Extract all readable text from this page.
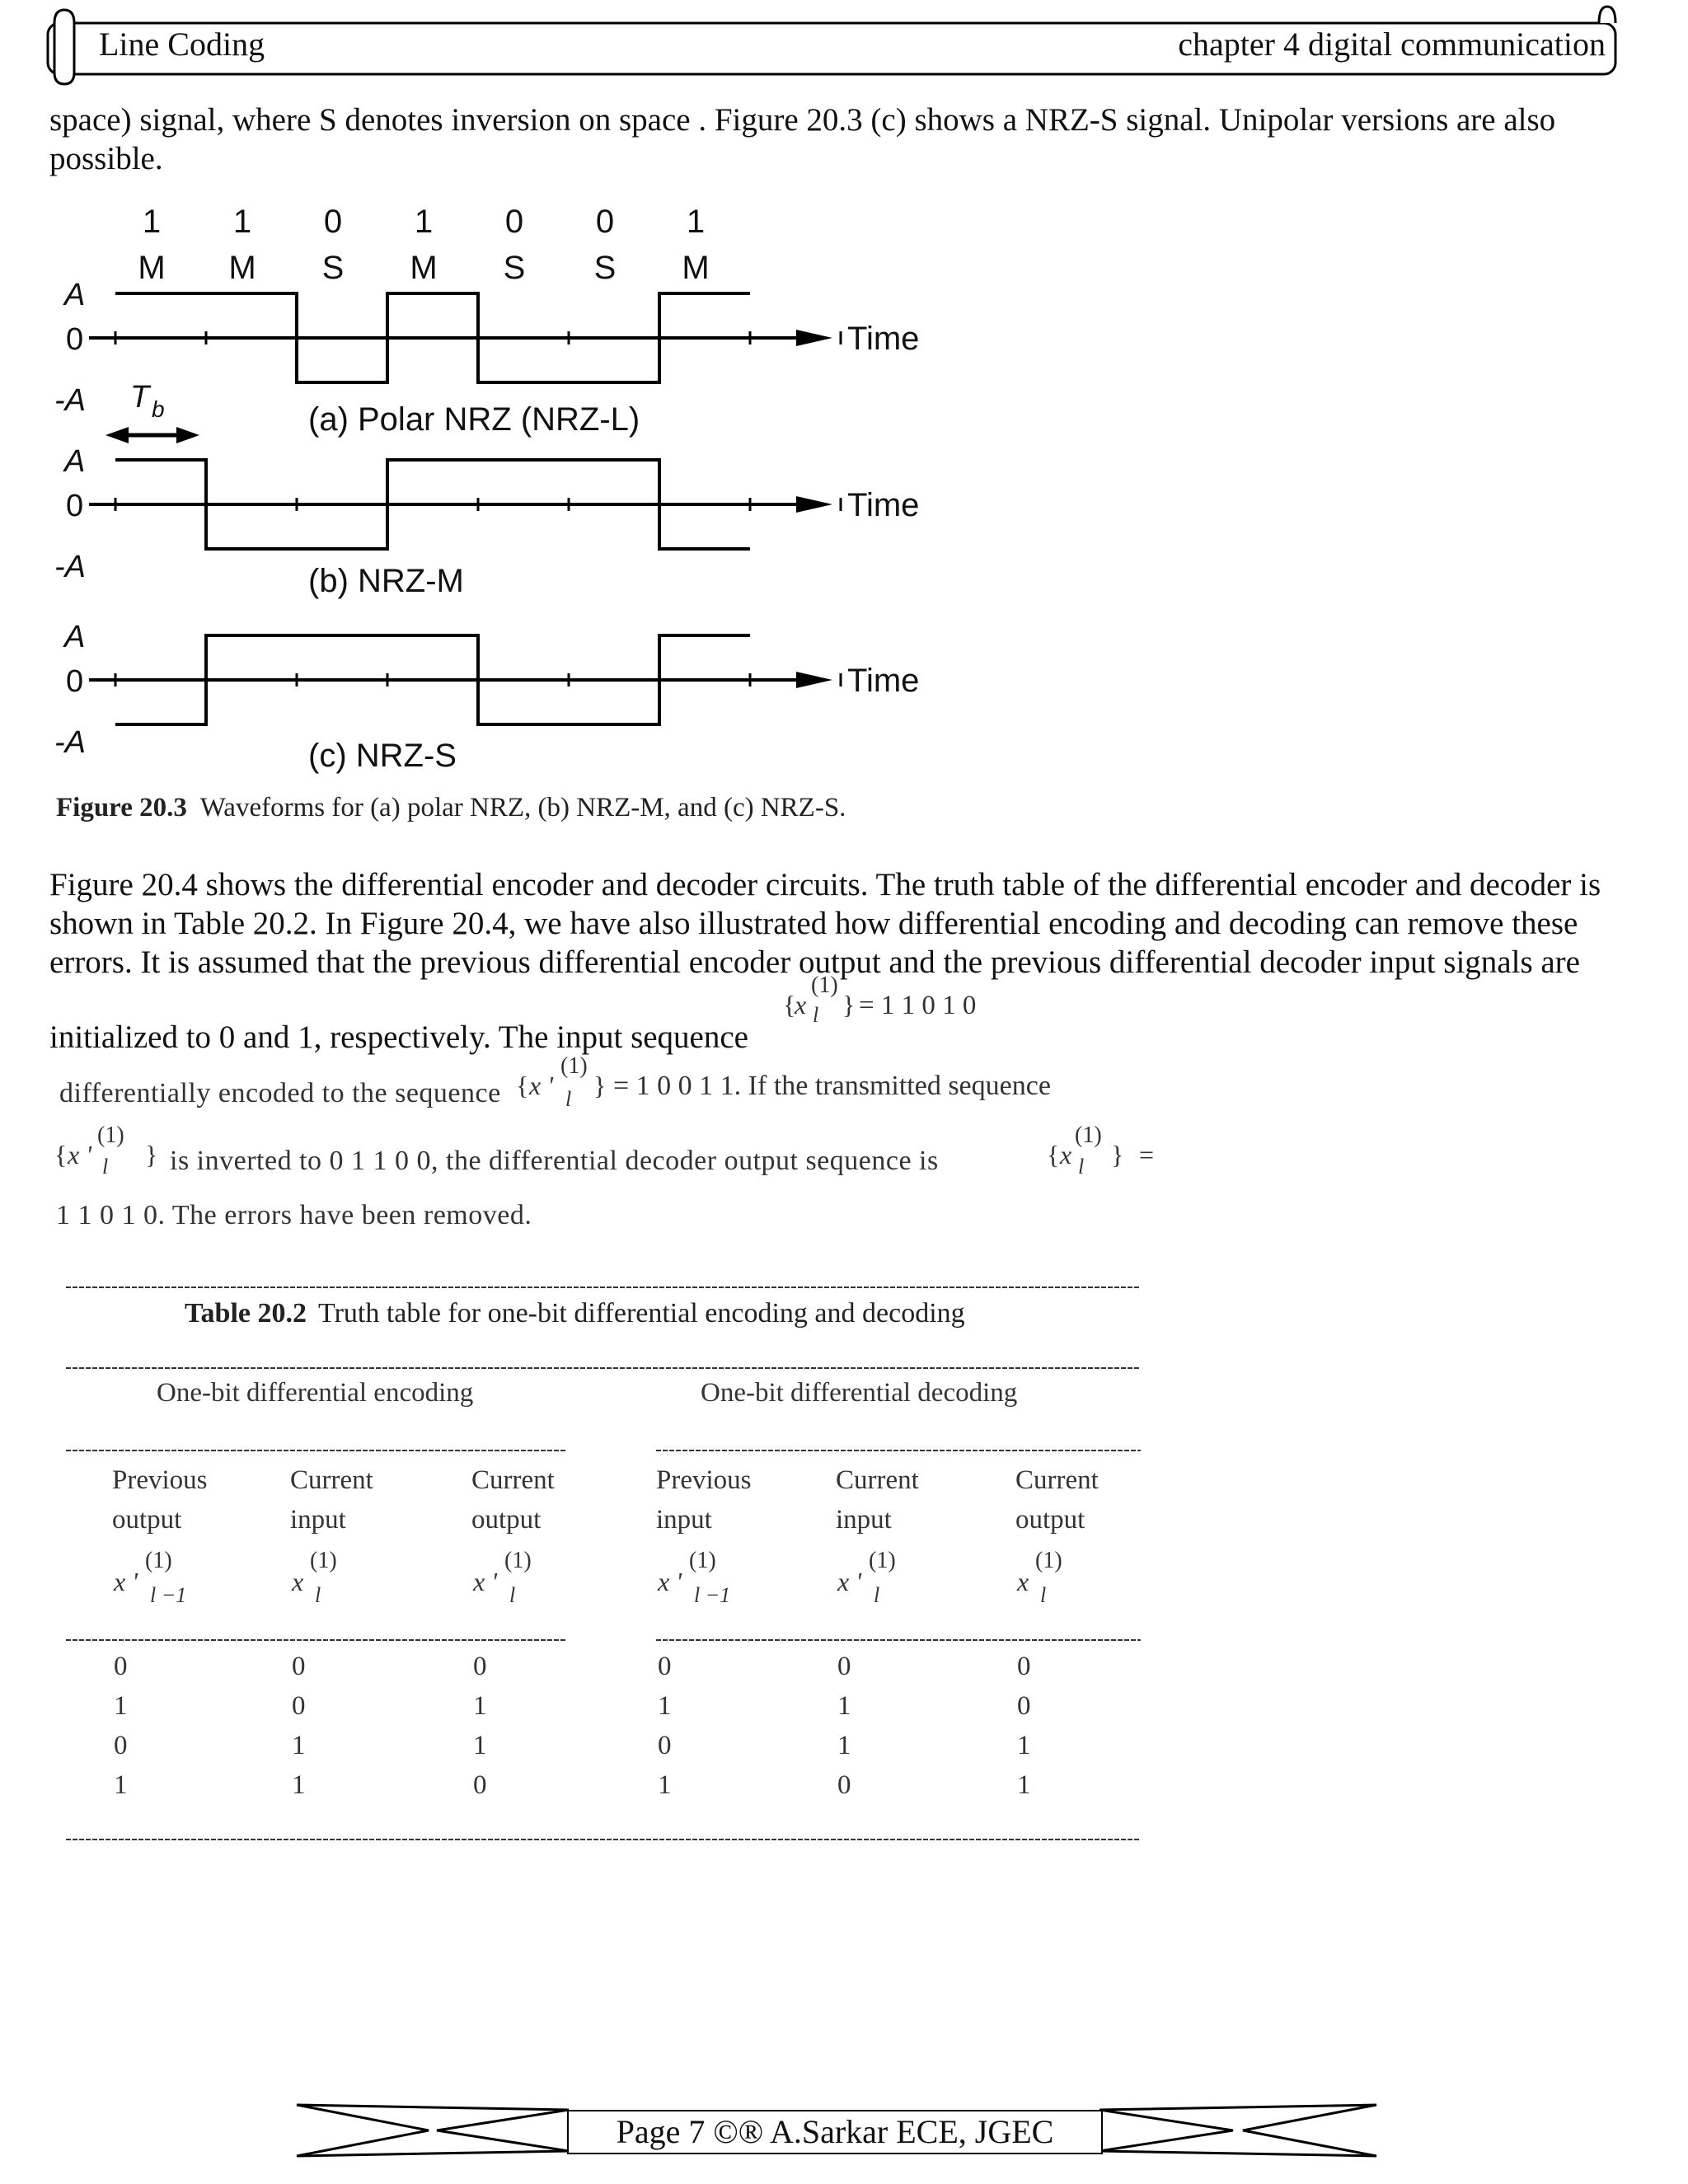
Line Coding	chapter 4 digital communication
space) signal, where S denotes inversion on space . Figure 20.3 (c) shows a NRZ-S signal. Unipolar versions are also possible.
1 1 0 1 0 0 1
M M S M S S M
A
0
-A
Time
(a) Polar NRZ (NRZ-L)
A
0
-A
Time
(b) NRZ-M
A
0
-A
Time
(c) NRZ-S
T b
Figure 20.3 Waveforms for (a) polar NRZ, (b) NRZ-M, and (c) NRZ-S.
Figure 20.4 shows the differential encoder and decoder circuits. The truth table of the differential encoder and decoder is shown in Table 20.2. In Figure 20.4, we have also illustrated how differential encoding and decoding can remove these errors. It is assumed that the previous differential encoder output and the previous differential decoder input signals are
initialized to 0 and 1, respectively. The input sequence
{
x
(1)
l } = 1 1 0 1 0
differentially encoded to the sequence { x '
(1)
l } = 1 0 0 1 1. If the transmitted sequence
{ x '
(1)
l } is inverted to 0 1 1 0 0, the differential decoder output sequence is	{ x
(1)
l } =
1 1 0 1 0. The errors have been removed.
Table 20.2 Truth table for one-bit differential encoding and decoding
One-bit differential encoding	One-bit differential decoding
Previous
output
x '
(1)
l −1
Current
input
x
(1)
l
Current
output
x '
(1)
l
Previous
input
x '
(1)
l −1
Current
input
x '
(1)
l
Current
output
x
(1)
l
0	0	0	0	0	0
1	0	1	1	1	0
0	1	1	0	1	1
1	1	0	1	0	1
Page 7 ©® A.Sarkar ECE, JGEC
